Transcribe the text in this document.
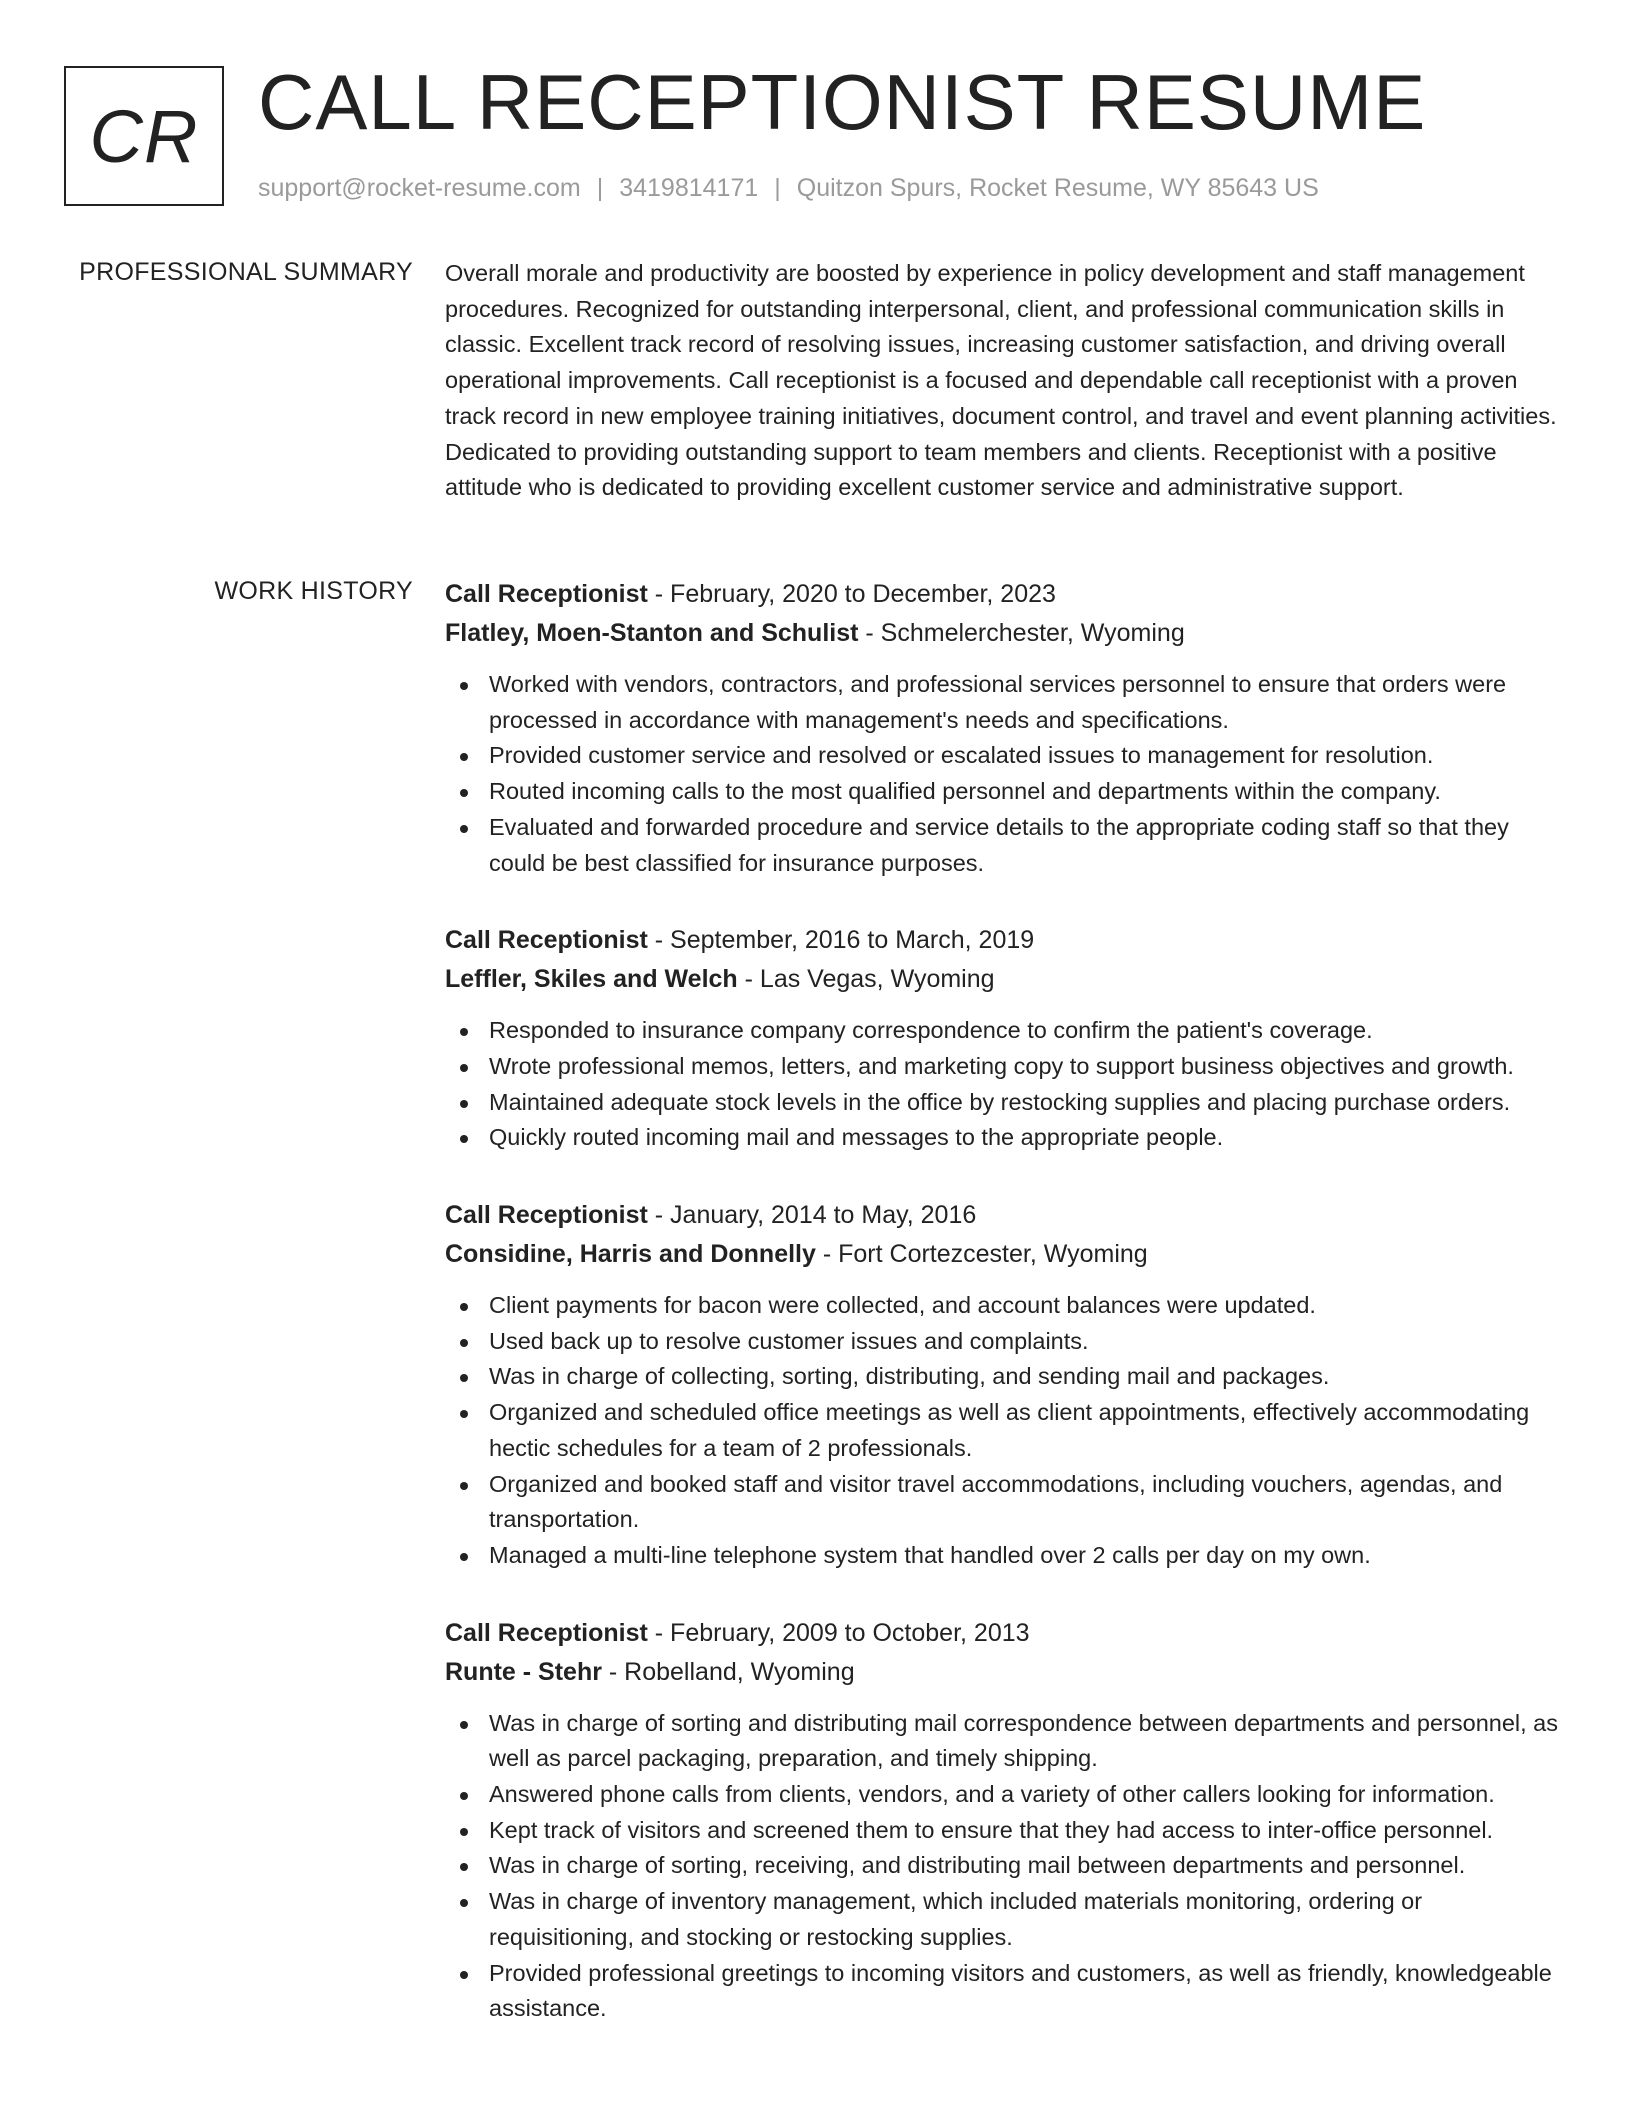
CR CALL RECEPTIONIST RESUME
support@rocket-resume.com | 3419814171 | Quitzon Spurs, Rocket Resume, WY 85643 US
PROFESSIONAL SUMMARY Overall morale and productivity are boosted by experience in policy development and staff management procedures. Recognized for outstanding interpersonal, client, and professional communication skills in classic. Excellent track record of resolving issues, increasing customer satisfaction, and driving overall operational improvements. Call receptionist is a focused and dependable call receptionist with a proven track record in new employee training initiatives, document control, and travel and event planning activities. Dedicated to providing outstanding support to team members and clients. Receptionist with a positive attitude who is dedicated to providing excellent customer service and administrative support.

WORK HISTORY Call Receptionist - February, 2020 to December, 2023
Flatley, Moen-Stanton and Schulist - Schmelerchester, Wyoming
Worked with vendors, contractors, and professional services personnel to ensure that orders were processed in accordance with management's needs and specifications.
Provided customer service and resolved or escalated issues to management for resolution.
Routed incoming calls to the most qualified personnel and departments within the company.
Evaluated and forwarded procedure and service details to the appropriate coding staff so that they could be best classified for insurance purposes.
Call Receptionist - September, 2016 to March, 2019
Leffler, Skiles and Welch - Las Vegas, Wyoming
Responded to insurance company correspondence to confirm the patient's coverage.
Wrote professional memos, letters, and marketing copy to support business objectives and growth.
Maintained adequate stock levels in the office by restocking supplies and placing purchase orders.
Quickly routed incoming mail and messages to the appropriate people.
Call Receptionist - January, 2014 to May, 2016
Considine, Harris and Donnelly - Fort Cortezcester, Wyoming
Client payments for bacon were collected, and account balances were updated.
Used back up to resolve customer issues and complaints.
Was in charge of collecting, sorting, distributing, and sending mail and packages.
Organized and scheduled office meetings as well as client appointments, effectively accommodating hectic schedules for a team of 2 professionals.
Organized and booked staff and visitor travel accommodations, including vouchers, agendas, and transportation.
Managed a multi-line telephone system that handled over 2 calls per day on my own.
Call Receptionist - February, 2009 to October, 2013
Runte - Stehr - Robelland, Wyoming
Was in charge of sorting and distributing mail correspondence between departments and personnel, as well as parcel packaging, preparation, and timely shipping.
Answered phone calls from clients, vendors, and a variety of other callers looking for information.
Kept track of visitors and screened them to ensure that they had access to inter-office personnel.
Was in charge of sorting, receiving, and distributing mail between departments and personnel.
Was in charge of inventory management, which included materials monitoring, ordering or requisitioning, and stocking or restocking supplies.
Provided professional greetings to incoming visitors and customers, as well as friendly, knowledgeable assistance.
